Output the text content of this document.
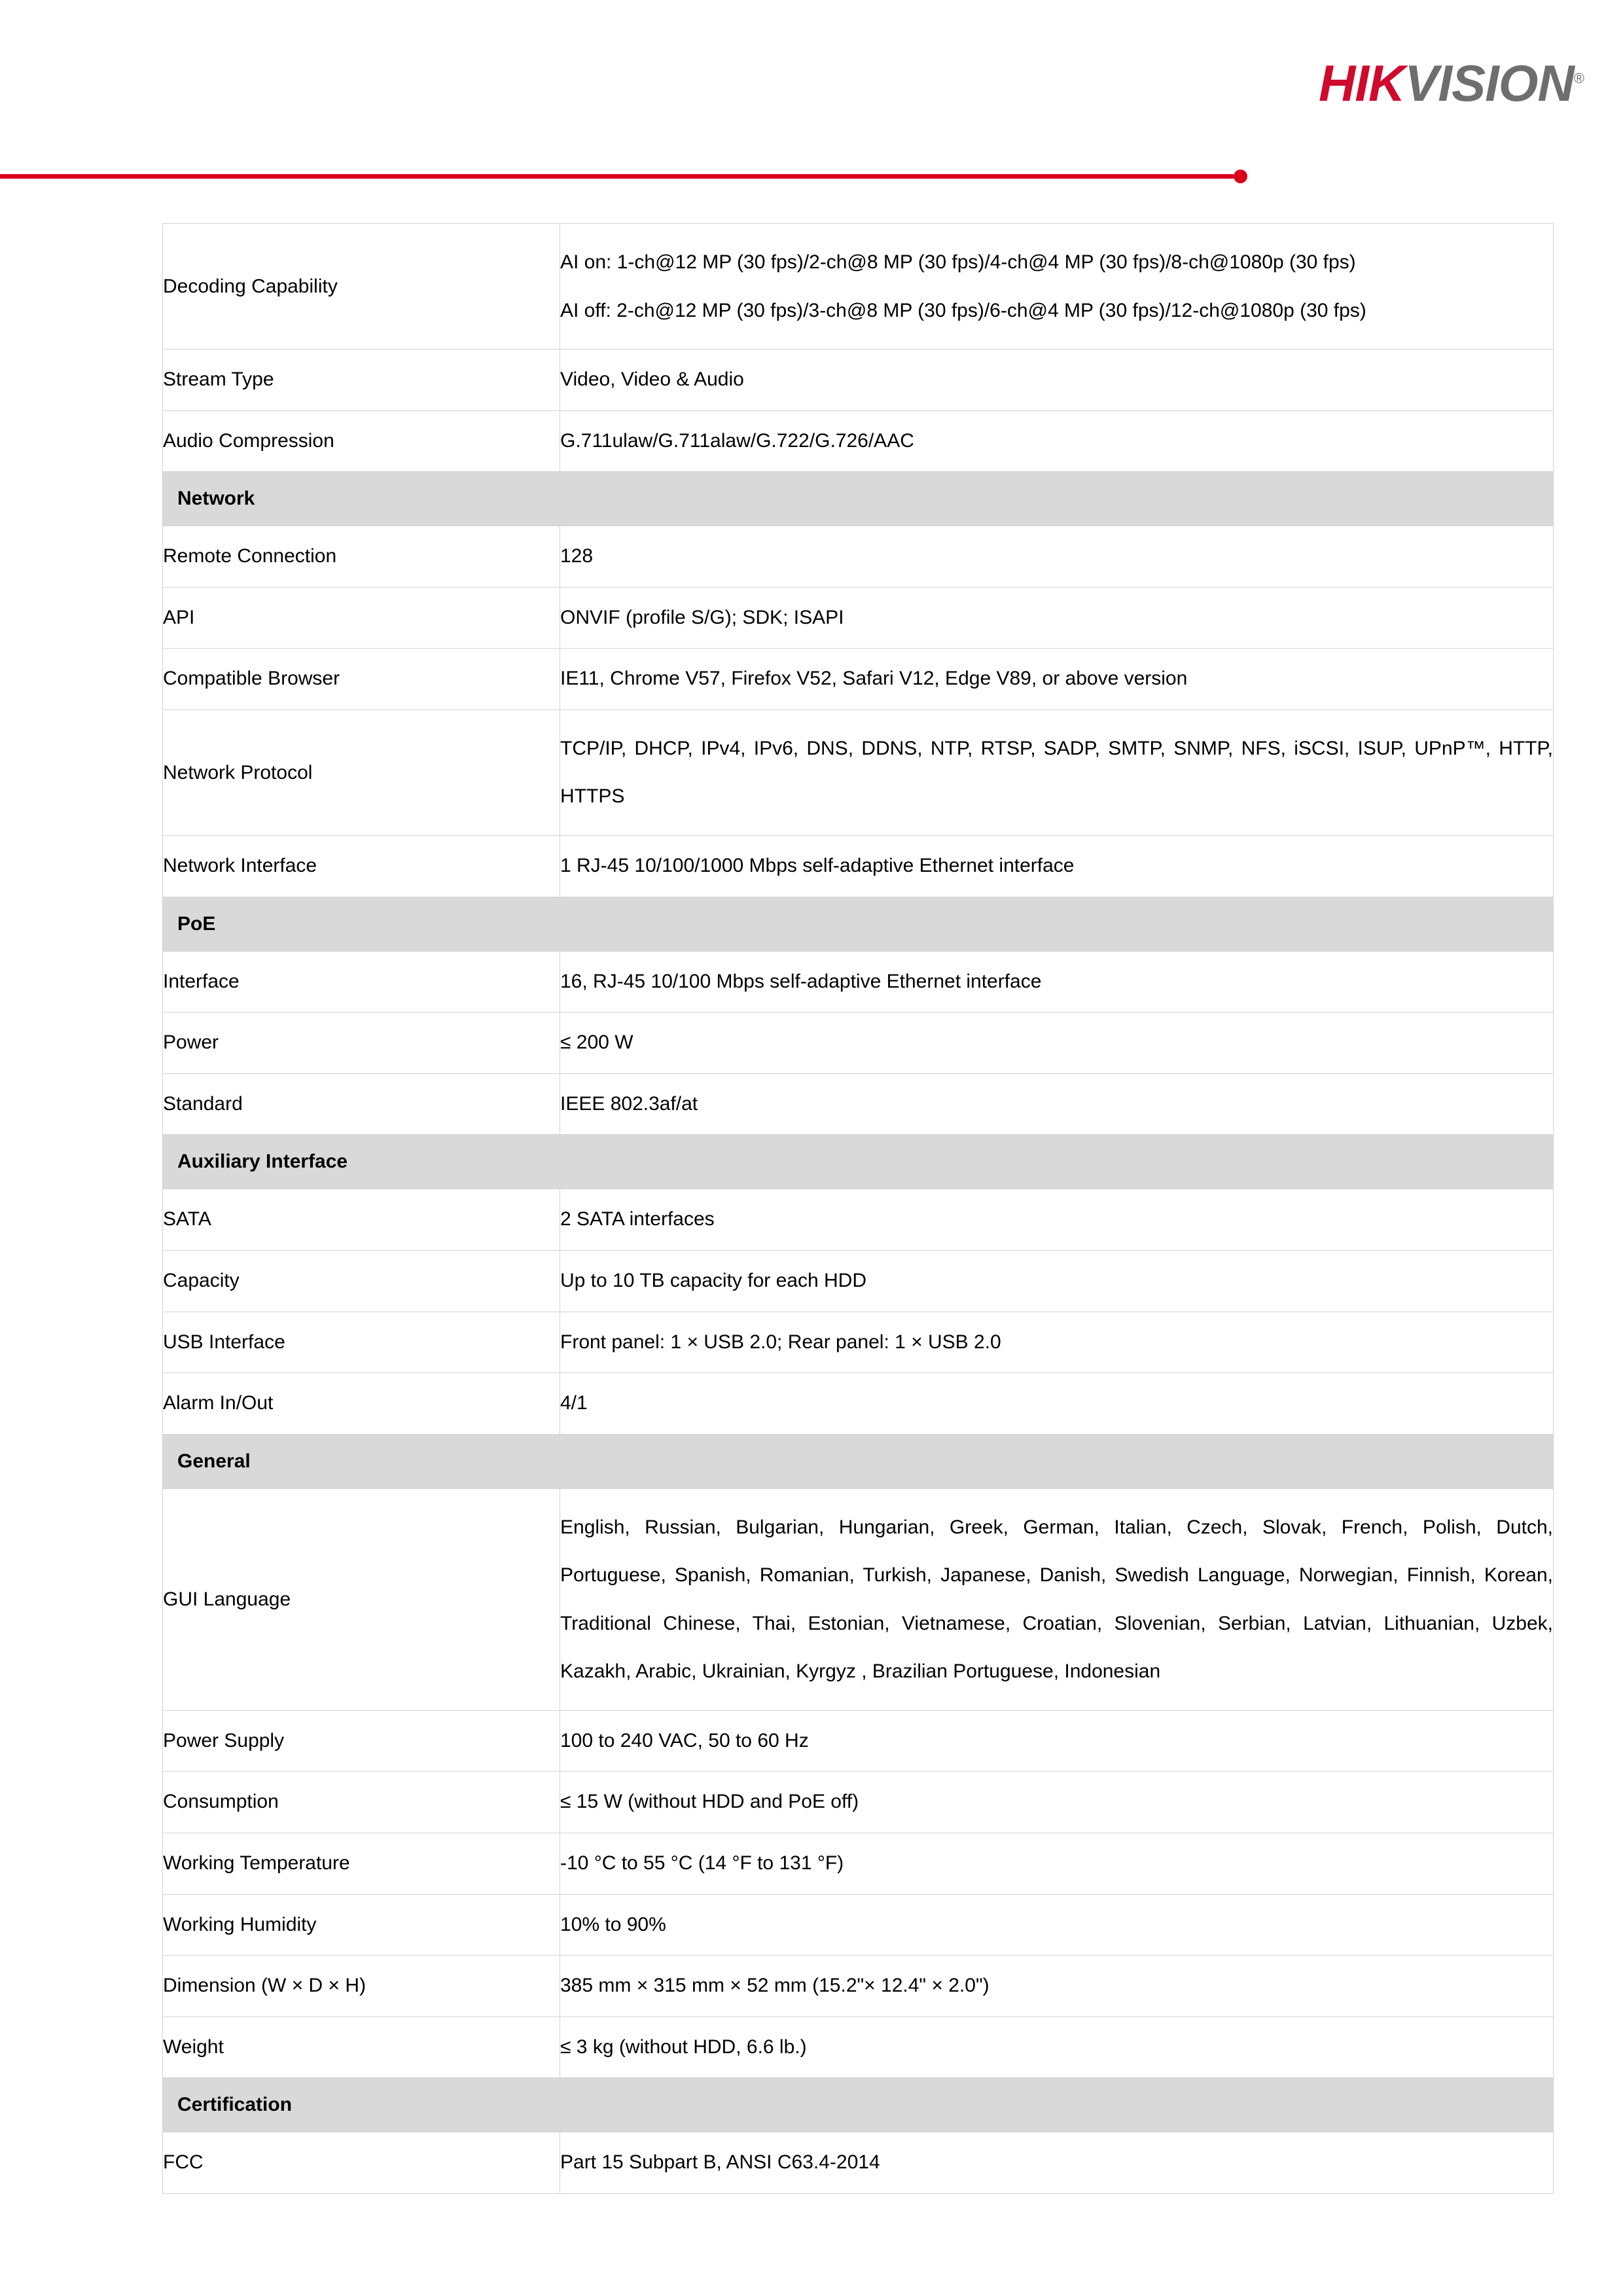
HIKVISION®
Decoding Capability	AI on: 1-ch@12 MP (30 fps)/2-ch@8 MP (30 fps)/4-ch@4 MP (30 fps)/8-ch@1080p (30 fps)
AI off: 2-ch@12 MP (30 fps)/3-ch@8 MP (30 fps)/6-ch@4 MP (30 fps)/12-ch@1080p (30 fps)

Stream Type	Video, Video & Audio
Audio Compression	G.711ulaw/G.711alaw/G.722/G.726/AAC
Network	
Remote Connection	128
API	ONVIF (profile S/G); SDK; ISAPI
Compatible Browser	IE11, Chrome V57, Firefox V52, Safari V12, Edge V89, or above version
Network Protocol	TCP/IP, DHCP, IPv4, IPv6, DNS, DDNS, NTP, RTSP, SADP, SMTP, SNMP, NFS, iSCSI, ISUP, UPnP™, HTTP, HTTPS
Network Interface	1 RJ-45 10/100/1000 Mbps self-adaptive Ethernet interface
PoE	
Interface	16, RJ-45 10/100 Mbps self-adaptive Ethernet interface
Power	≤ 200 W
Standard	IEEE 802.3af/at
Auxiliary Interface	
SATA	2 SATA interfaces
Capacity	Up to 10 TB capacity for each HDD
USB Interface	Front panel: 1 × USB 2.0; Rear panel: 1 × USB 2.0
Alarm In/Out	4/1
General	
GUI Language	English, Russian, Bulgarian, Hungarian, Greek, German, Italian, Czech, Slovak, French, Polish, Dutch, Portuguese, Spanish, Romanian, Turkish, Japanese, Danish, Swedish Language, Norwegian, Finnish, Korean, Traditional Chinese, Thai, Estonian, Vietnamese, Croatian, Slovenian, Serbian, Latvian, Lithuanian, Uzbek, Kazakh, Arabic, Ukrainian, Kyrgyz , Brazilian Portuguese, Indonesian
Power Supply	100 to 240 VAC, 50 to 60 Hz
Consumption	≤ 15 W (without HDD and PoE off)
Working Temperature	-10 °C to 55 °C (14 °F to 131 °F)
Working Humidity	10% to 90%
Dimension (W × D × H)	385 mm × 315 mm × 52 mm (15.2"× 12.4" × 2.0")
Weight	≤ 3 kg (without HDD, 6.6 lb.)
Certification	
FCC	Part 15 Subpart B, ANSI C63.4-2014
